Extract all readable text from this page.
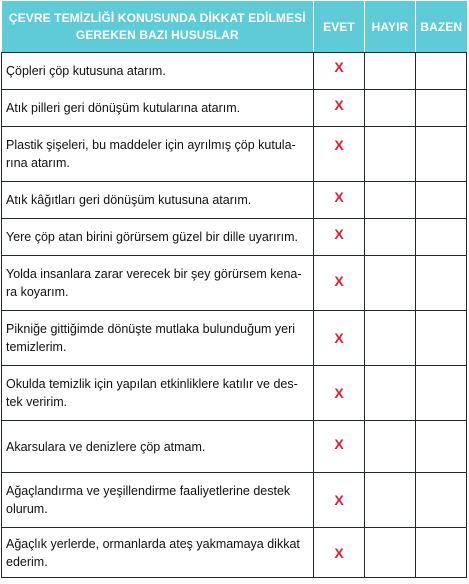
ÇEVRE TEMİZLİĞİ KONUSUNDA DİKKAT EDİLMESİ GEREKEN BAZI HUSUSLAR	EVET	HAYIR	BAZEN
Çöpleri çöp kutusuna atarım.	X		
Atık pilleri geri dönüşüm kutularına atarım.	X		
Plastik şişeleri, bu maddeler için ayrılmış çöp kutula-rına atarım.	X		
Atık kâğıtları geri dönüşüm kutusuna atarım.	X		
Yere çöp atan birini görürsem güzel bir dille uyarırım.	X		
Yolda insanlara zarar verecek bir şey görürsem kena-ra koyarım.	X		
Pikniğe gittiğimde dönüşte mutlaka bulunduğum yeri temizlerim.	X		
Okulda temizlik için yapılan etkinliklere katılır ve des-tek veririm.	X		
Akarsulara ve denizlere çöp atmam.	X		
Ağaçlandırma ve yeşillendirme faaliyetlerine destek olurum.	X		
Ağaçlık yerlerde, ormanlarda ateş yakmamaya dikkat ederim.	X		
